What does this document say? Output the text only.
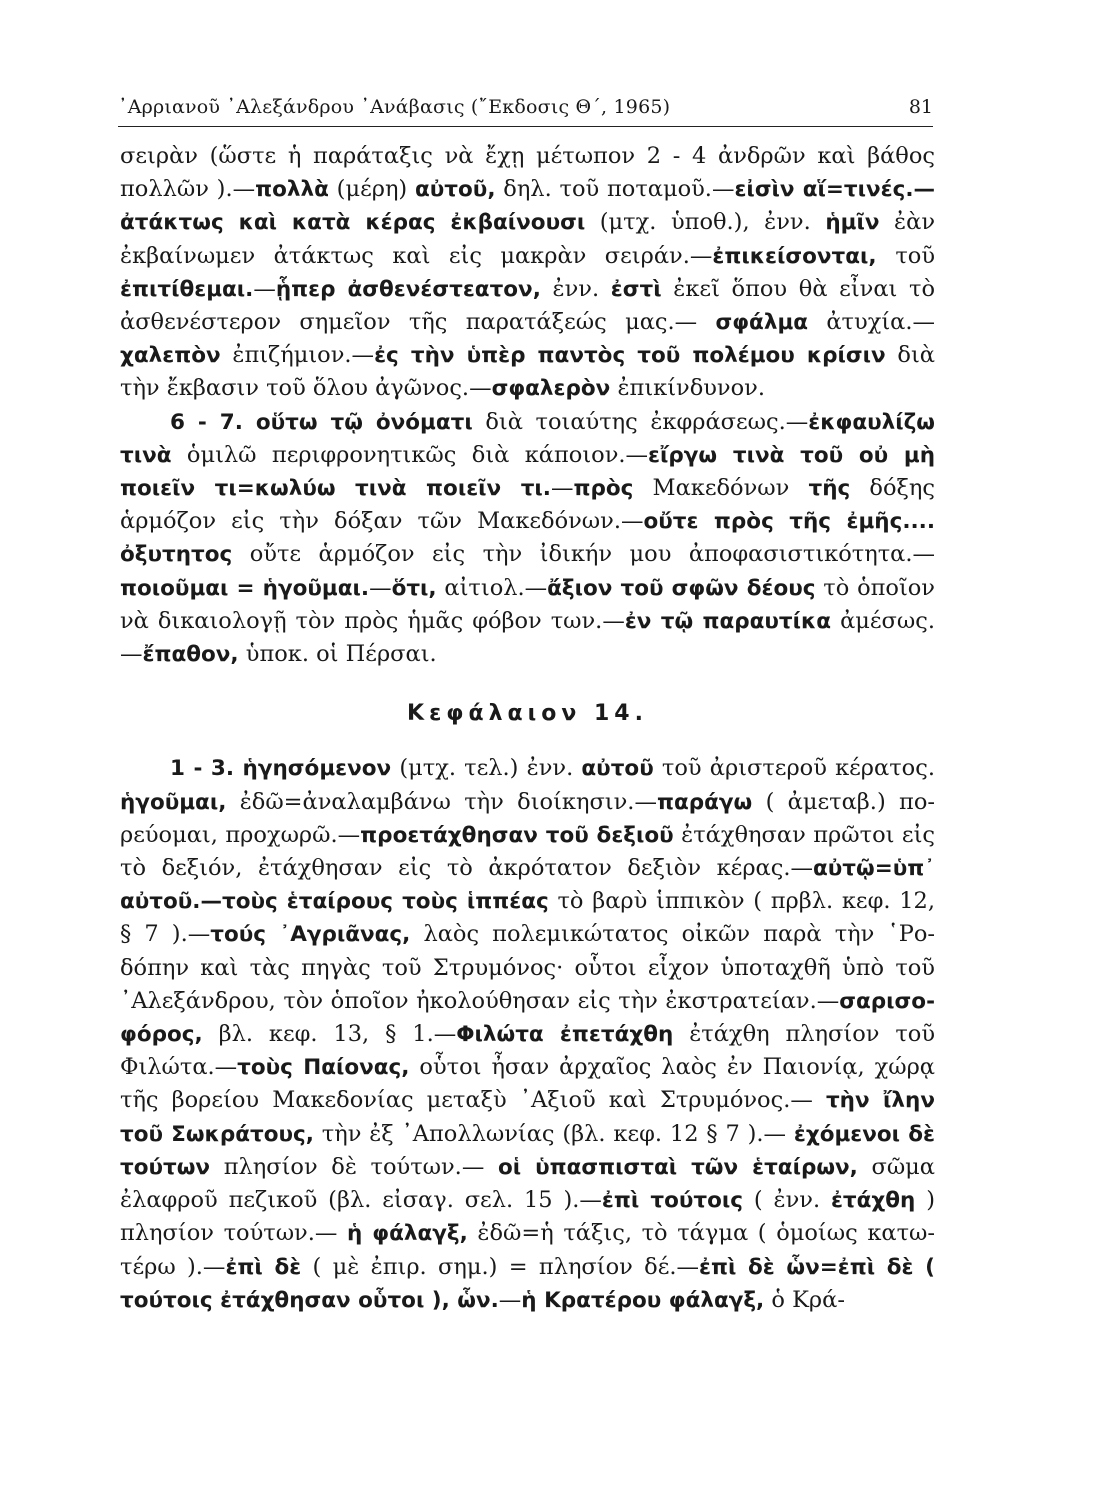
᾿Αρριανοῦ ᾿Αλεξάνδρου ᾿Ανάβασις (῎Εκδοσις Θ΄, 1965)	81

σειρὰν (ὥστε ἡ παράταξις νὰ ἔχῃ μέτωπον 2 - 4 ἀνδρῶν καὶ βάθος πολλῶν ).—πολλὰ (μέρη) αὐτοῦ, δηλ. τοῦ ποταμοῦ.—εἰσὶν αἵ=τινές.—ἀτάκτως καὶ κατὰ κέρας ἐκβαίνουσι (μτχ. ὑποθ.), ἐνν. ἡμῖν ἐὰν ἐκβαίνωμεν ἀτάκτως καὶ εἰς μακρὰν σειράν.—ἐπικείσονται, τοῦ ἐπιτίθεμαι.—ᾗπερ ἀσθενέστεατον, ἐνν. ἐστὶ ἐκεῖ ὅπου θὰ εἶναι τὸ ἀσθενέστερον σημεῖον τῆς παρατάξεώς μας.— σφάλμα ἀτυχία.—χαλεπὸν ἐπιζήμιον.—ἐς τὴν ὑπὲρ παντὸς τοῦ πολέμου κρίσιν διὰ τὴν ἔκβασιν τοῦ ὅλου ἀγῶνος.—σφαλερὸν ἐπικίνδυνον.

6 - 7. οὕτω τῷ ὀνόματι διὰ τοιαύτης ἐκφράσεως.—ἐκφαυλίζω τινὰ ὁμιλῶ περιφρονητικῶς διὰ κάποιον.—εἴργω τινὰ τοῦ οὐ μὴ ποιεῖν τι=κωλύω τινὰ ποιεῖν τι.—πρὸς Μακεδόνων τῆς δόξης ἁρμόζον εἰς τὴν δόξαν τῶν Μακεδόνων.—οὔτε πρὸς τῆς ἐμῆς.... ὀξυτητος οὔτε ἁρμόζον εἰς τὴν ἰδικήν μου ἀποφασιστικότητα.—ποιοῦμαι = ἡγοῦμαι.—ὅτι, αἰτιολ.—ἄξιον τοῦ σφῶν δέους τὸ ὁποῖον νὰ δικαιολογῇ τὸν πρὸς ἡμᾶς φόβον των.—ἐν τῷ παραυτίκα ἀμέσως.—ἔπαθον, ὑποκ. οἱ Πέρσαι.

Κεφάλαιον 14.

1 - 3. ἡγησόμενον (μτχ. τελ.) ἐνν. αὐτοῦ τοῦ ἀριστεροῦ κέρατος. ἡγοῦμαι, ἐδῶ=ἀναλαμβάνω τὴν διοίκησιν.—παράγω ( ἀμεταβ.) πορεύομαι, προχωρῶ.—προετάχθησαν τοῦ δεξιοῦ ἐτάχθησαν πρῶτοι εἰς τὸ δεξιόν, ἐτάχθησαν εἰς τὸ ἀκρότατον δεξιὸν κέρας.—αὐτῷ=ὑπ᾿ αὐτοῦ.—τοὺς ἑταίρους τοὺς ἱππέας τὸ βαρὺ ἱππικὸν ( πρβλ. κεφ. 12, § 7 ).—τούς ᾿Αγριᾶνας, λαὸς πολεμικώτατος οἰκῶν παρὰ τὴν ῾Ροδόπην καὶ τὰς πηγὰς τοῦ Στρυμόνος· οὗτοι εἶχον ὑποταχθῆ ὑπὸ τοῦ ᾿Αλεξάνδρου, τὸν ὁποῖον ἠκολούθησαν εἰς τὴν ἐκστρατείαν.—σαρισοφόρος, βλ. κεφ. 13, § 1.—Φιλώτα ἐπετάχθη ἐτάχθη πλησίον τοῦ Φιλώτα.—τοὺς Παίονας, οὗτοι ἦσαν ἀρχαῖος λαὸς ἐν Παιονίᾳ, χώρᾳ τῆς βορείου Μακεδονίας μεταξὺ ᾿Αξιοῦ καὶ Στρυμόνος.— τὴν ἴλην τοῦ Σωκράτους, τὴν ἐξ ᾿Απολλωνίας (βλ. κεφ. 12 § 7 ).— ἐχόμενοι δὲ τούτων πλησίον δὲ τούτων.— οἱ ὑπασπισταὶ τῶν ἑταίρων, σῶμα ἐλαφροῦ πεζικοῦ (βλ. εἰσαγ. σελ. 15 ).—ἐπὶ τούτοις ( ἐνν. ἐτάχθη ) πλησίον τούτων.— ἡ φάλαγξ, ἐδῶ=ἡ τάξις, τὸ τάγμα ( ὁμοίως κατωτέρω ).—ἐπὶ δὲ ( μὲ ἐπιρ. σημ.) = πλησίον δέ.—ἐπὶ δὲ ὧν=ἐπὶ δὲ ( τούτοις ἐτάχθησαν οὗτοι ), ὧν.—ἡ Κρατέρου φάλαγξ, ὁ Κρά-
